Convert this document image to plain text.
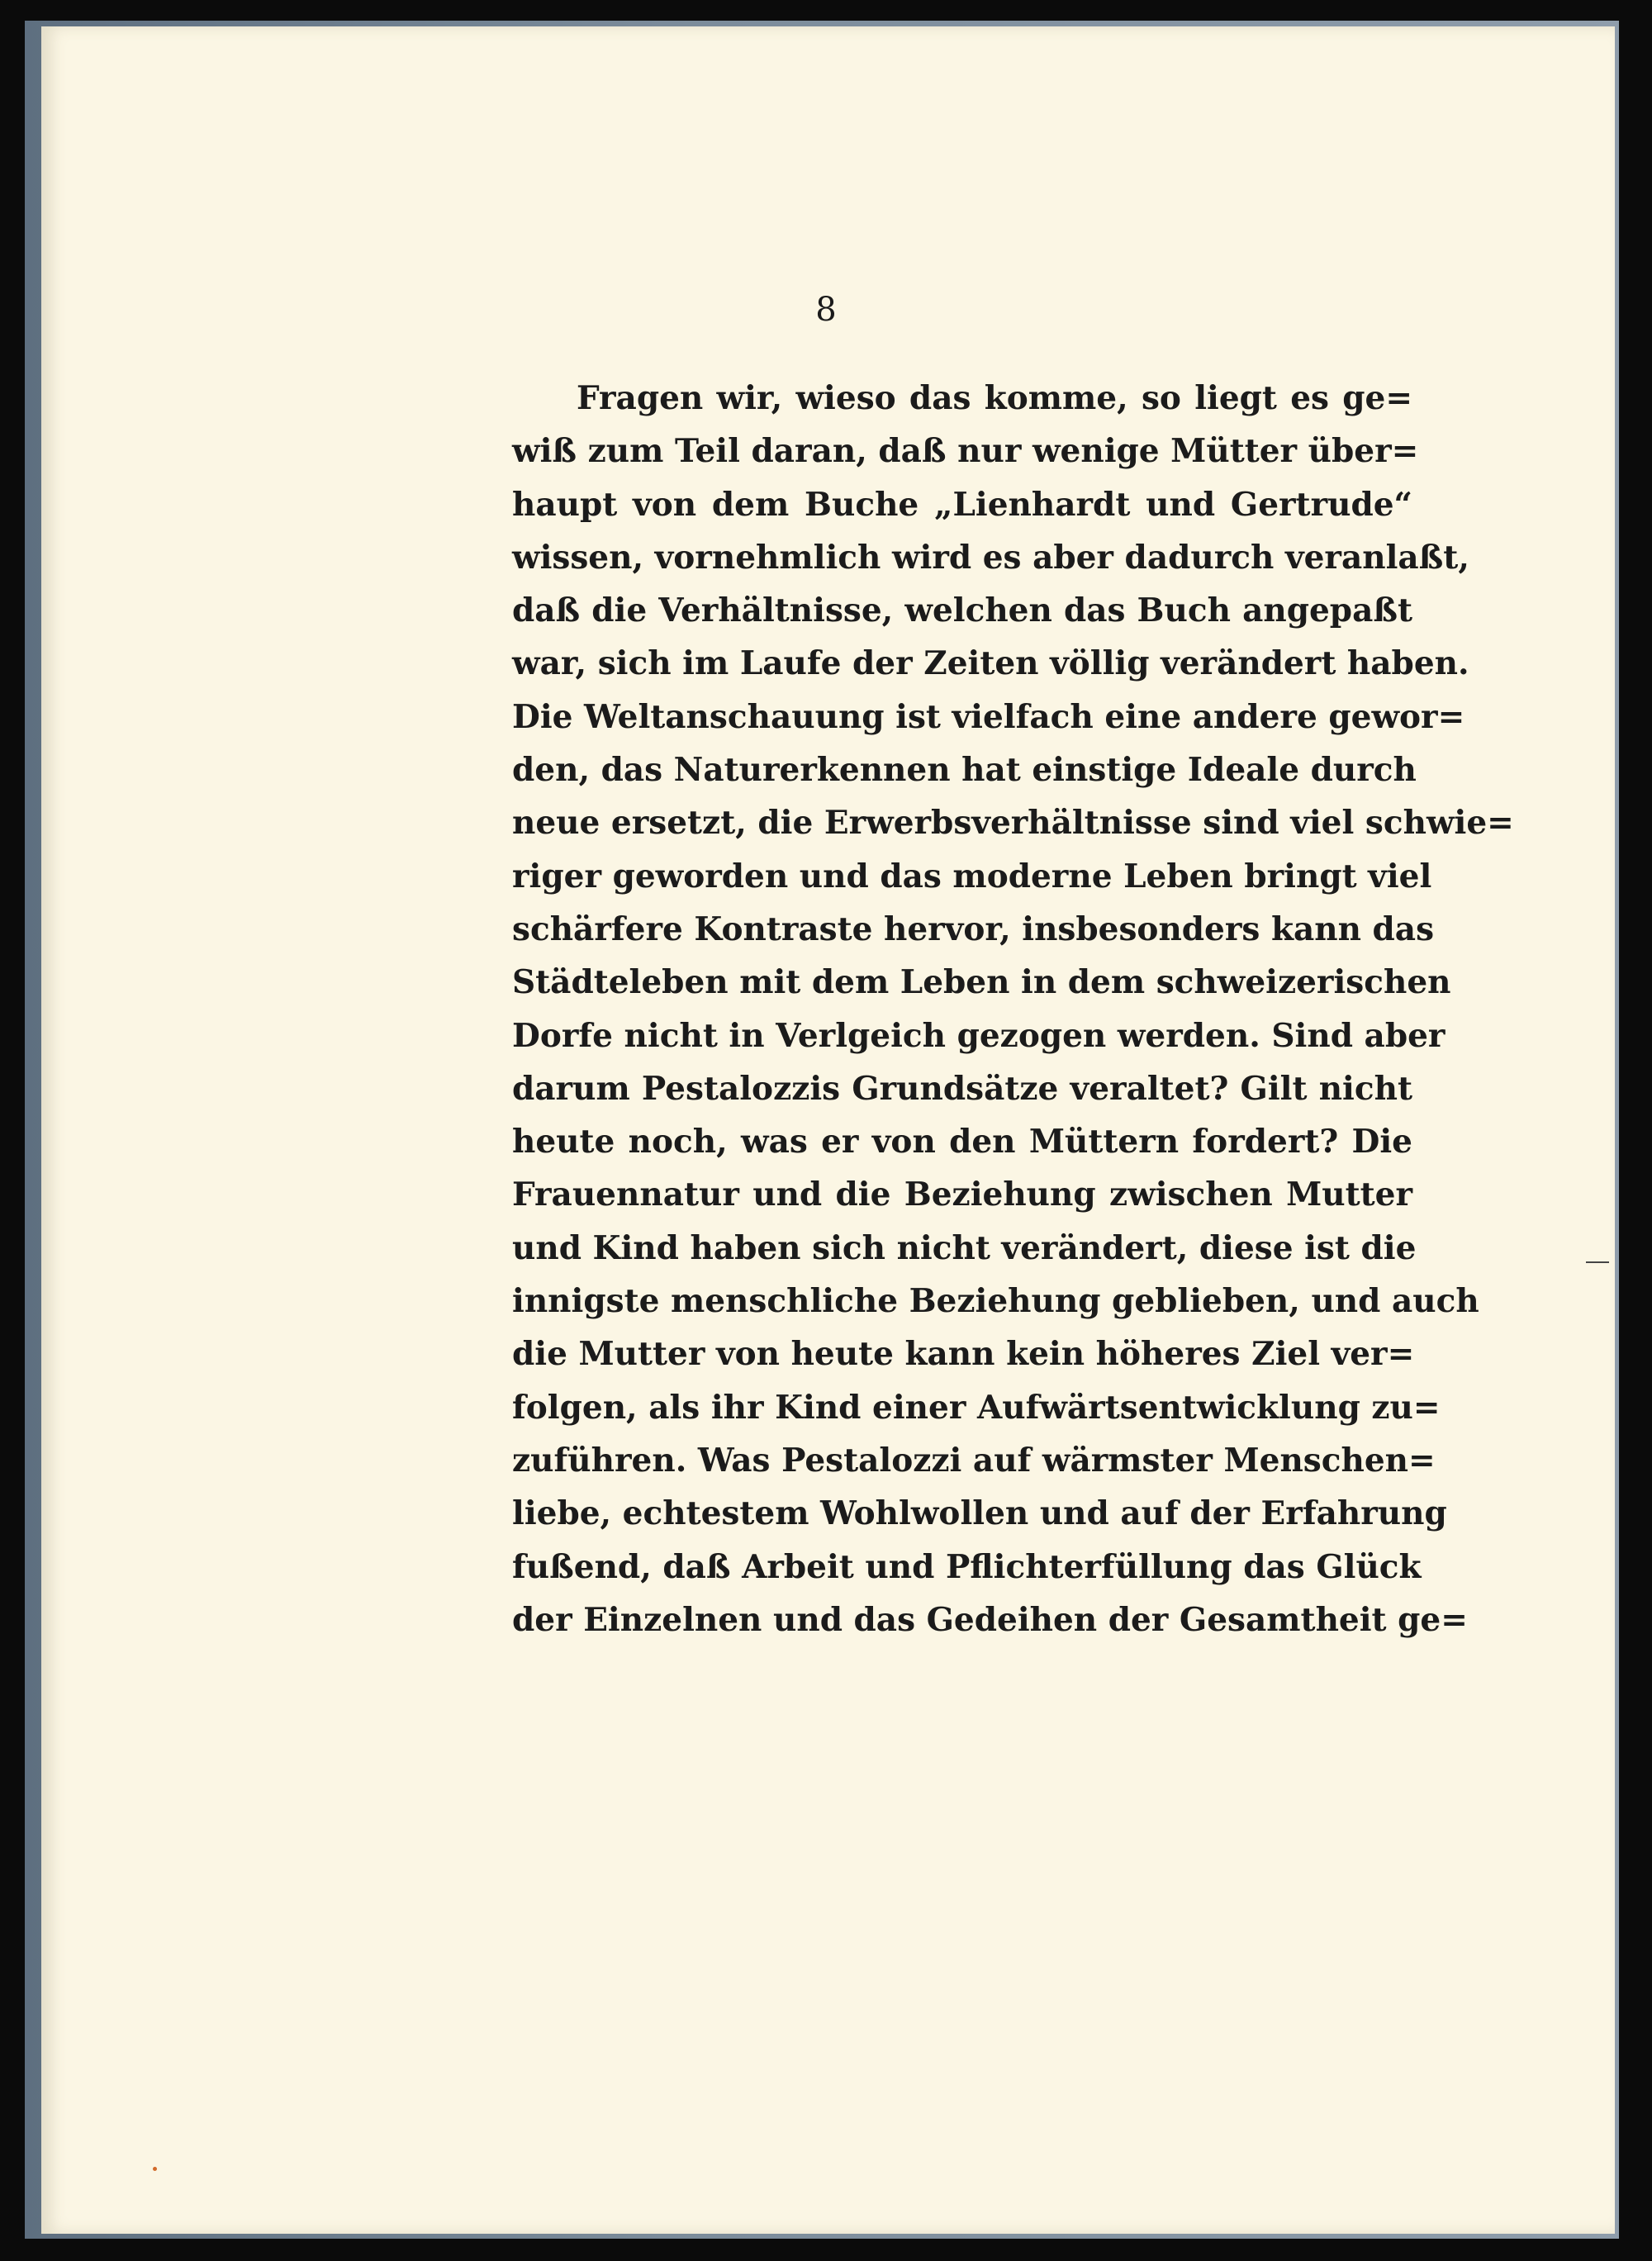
8
Fragen wir, wieso das komme, so liegt es ge=
wiß zum Teil daran, daß nur wenige Mütter über=
haupt von dem Buche „Lienhardt und Gertrude“
wissen, vornehmlich wird es aber dadurch veranlaßt,
daß die Verhältnisse, welchen das Buch angepaßt
war, sich im Laufe der Zeiten völlig verändert haben.
Die Weltanschauung ist vielfach eine andere gewor=
den, das Naturerkennen hat einstige Ideale durch
neue ersetzt, die Erwerbsverhältnisse sind viel schwie=
riger geworden und das moderne Leben bringt viel
schärfere Kontraste hervor, insbesonders kann das
Städteleben mit dem Leben in dem schweizerischen
Dorfe nicht in Verlgeich gezogen werden. Sind aber
darum Pestalozzis Grundsätze veraltet? Gilt nicht
heute noch, was er von den Müttern fordert? Die
Frauennatur und die Beziehung zwischen Mutter
und Kind haben sich nicht verändert, diese ist die
innigste menschliche Beziehung geblieben, und auch
die Mutter von heute kann kein höheres Ziel ver=
folgen, als ihr Kind einer Aufwärtsentwicklung zu=
zuführen. Was Pestalozzi auf wärmster Menschen=
liebe, echtestem Wohlwollen und auf der Erfahrung
fußend, daß Arbeit und Pflichterfüllung das Glück
der Einzelnen und das Gedeihen der Gesamtheit ge=
